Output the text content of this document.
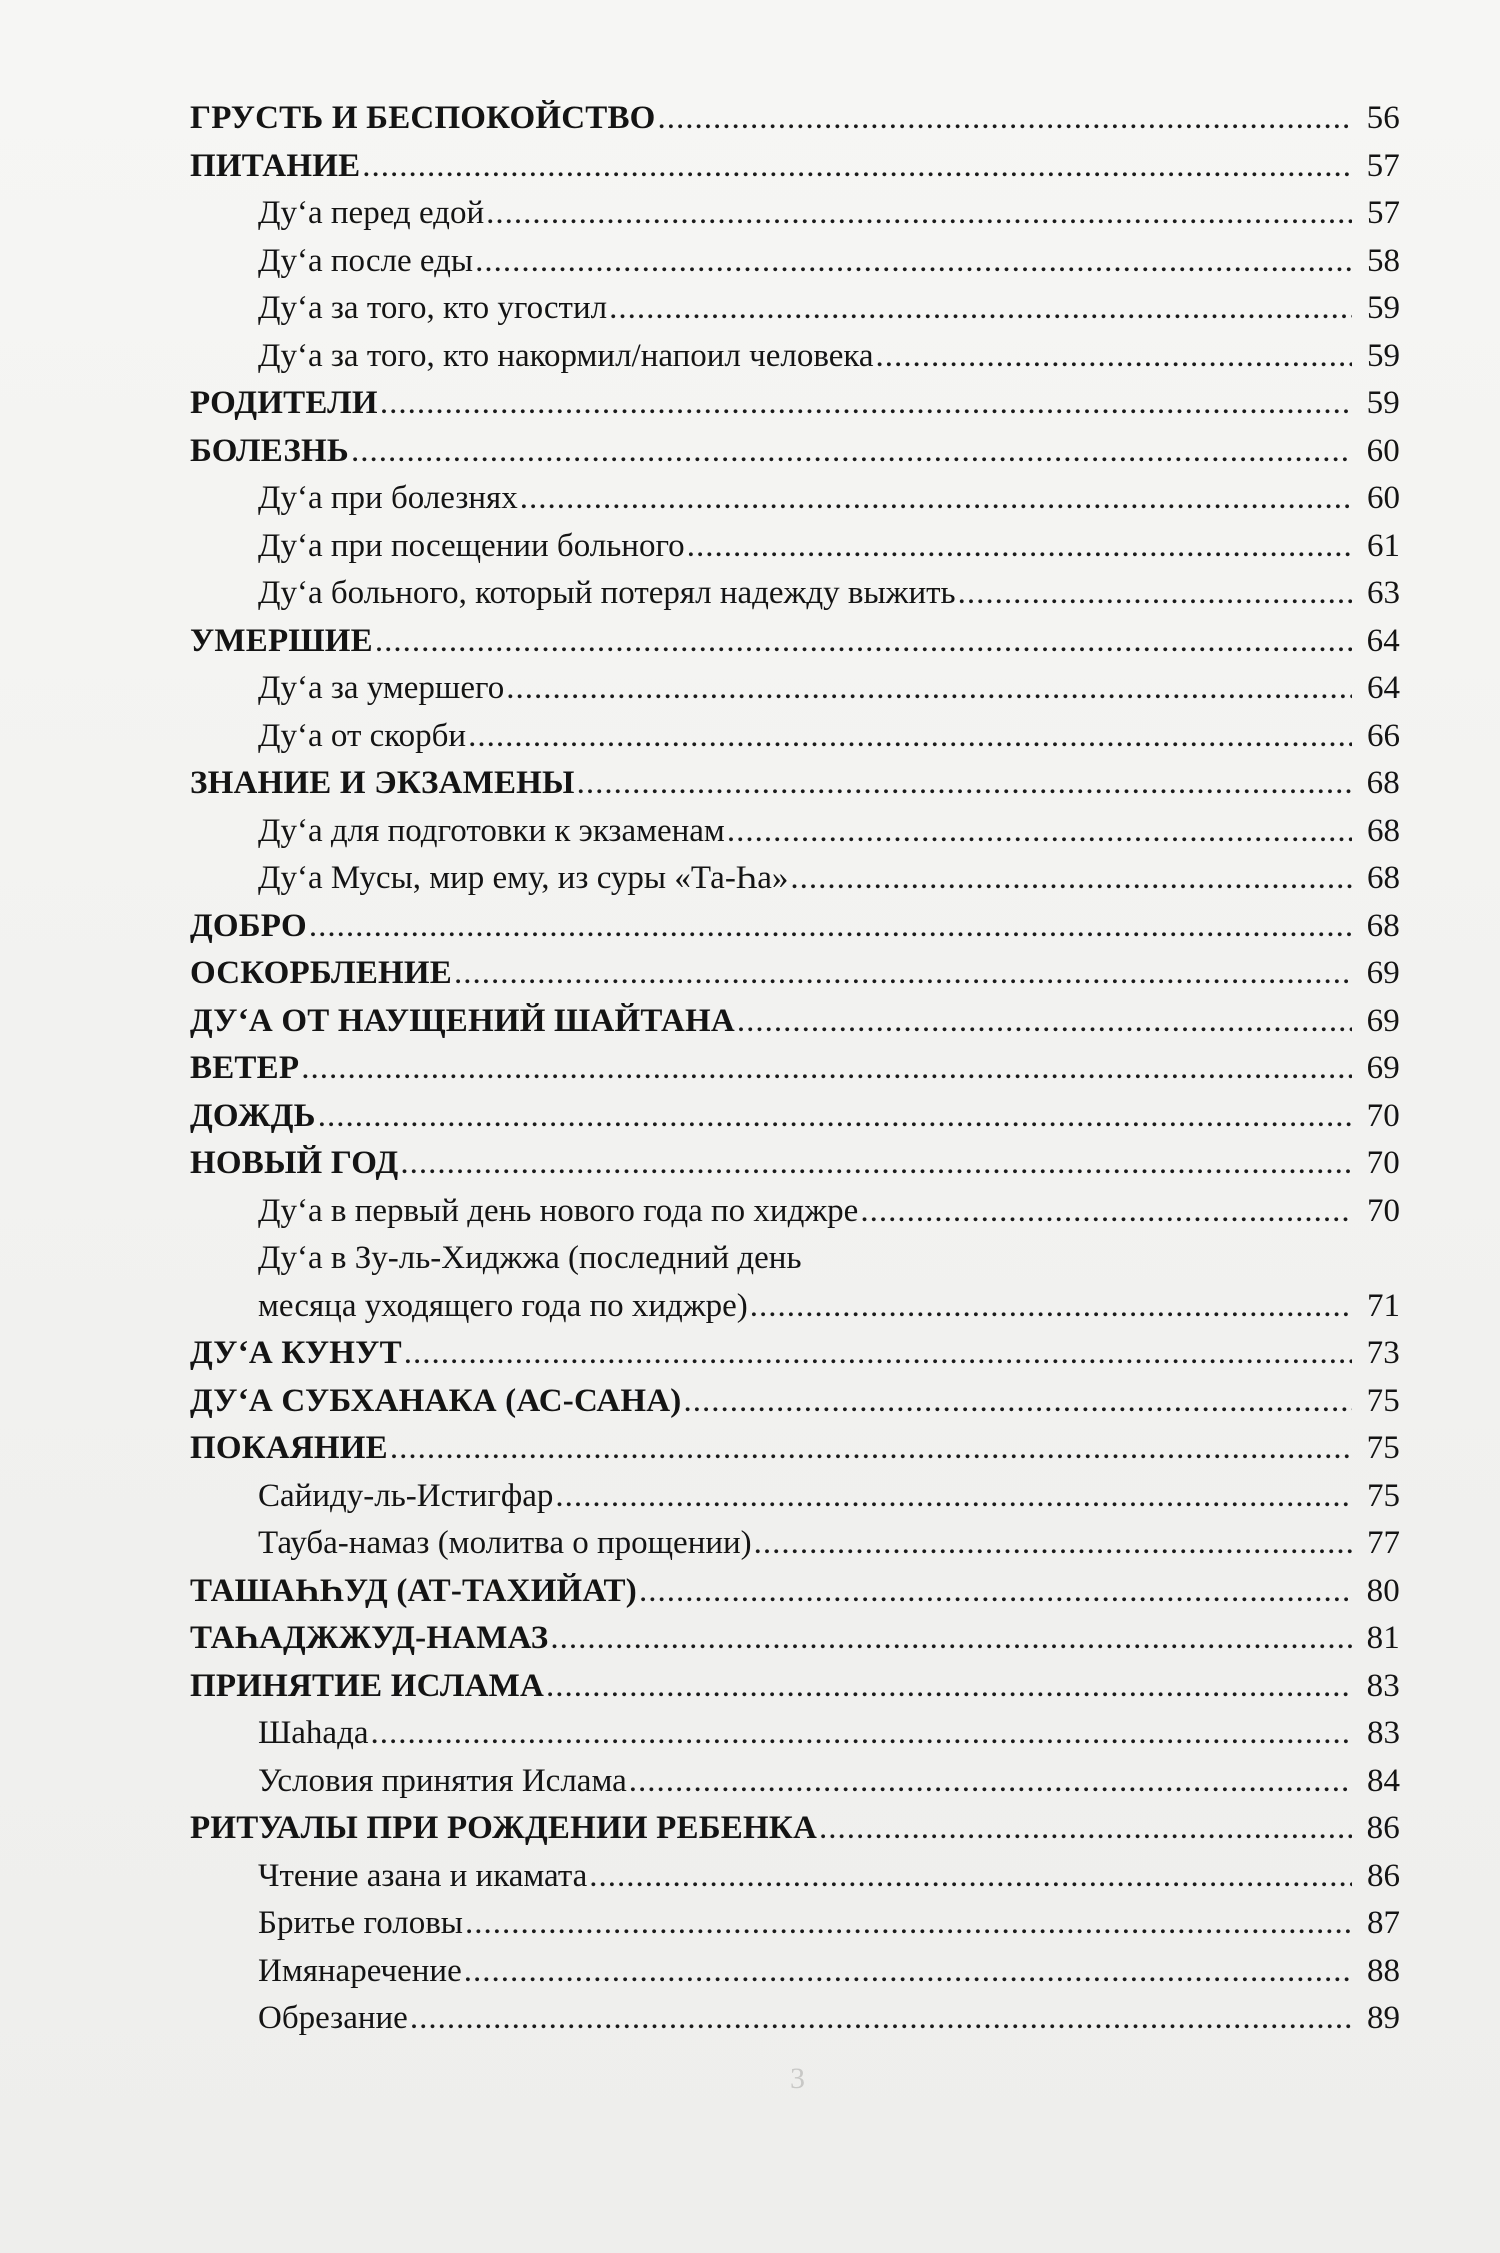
ГРУСТЬ И БЕСПОКОЙСТВО .....	56
ПИТАНИЕ .....	57
Ду‘а перед едой .....	57
Ду‘а после еды .....	58
Ду‘а за того, кто угостил .....	59
Ду‘а за того, кто накормил/напоил человека .....	59
РОДИТЕЛИ .....	59
БОЛЕЗНЬ .....	60
Ду‘а при болезнях .....	60
Ду‘а при посещении больного .....	61
Ду‘а больного, который потерял надежду выжить .....	63
УМЕРШИЕ .....	64
Ду‘а за умершего .....	64
Ду‘а от скорби .....	66
ЗНАНИЕ И ЭКЗАМЕНЫ .....	68
Ду‘а для подготовки к экзаменам .....	68
Ду‘а Мусы, мир ему, из суры «Та-Һа» .....	68
ДОБРО .....	68
ОСКОРБЛЕНИЕ .....	69
ДУ‘А ОТ НАУЩЕНИЙ ШАЙТАНА .....	69
ВЕТЕР .....	69
ДОЖДЬ .....	70
НОВЫЙ ГОД .....	70
Ду‘а в первый день нового года по хиджре .....	70
Ду‘а в Зу-ль-Хиджжа (последний день
месяца уходящего года по хиджре) .....	71
ДУ‘А КУНУТ .....	73
ДУ‘А СУБХАНАКА (АС-САНА) .....	75
ПОКАЯНИЕ .....	75
Сайиду-ль-Истигфар .....	75
Тауба-намаз (молитва о прощении) .....	77
ТАШАҺҺУД (АТ-ТАХИЙАТ) .....	80
ТАҺАДЖЖУД-НАМАЗ .....	81
ПРИНЯТИЕ ИСЛАМА .....	83
Шаһада .....	83
Условия принятия Ислама .....	84
РИТУАЛЫ ПРИ РОЖДЕНИИ РЕБЕНКА .....	86
Чтение азана и икамата .....	86
Бритье головы .....	87
Имянаречение .....	88
Обрезание .....	89
3
